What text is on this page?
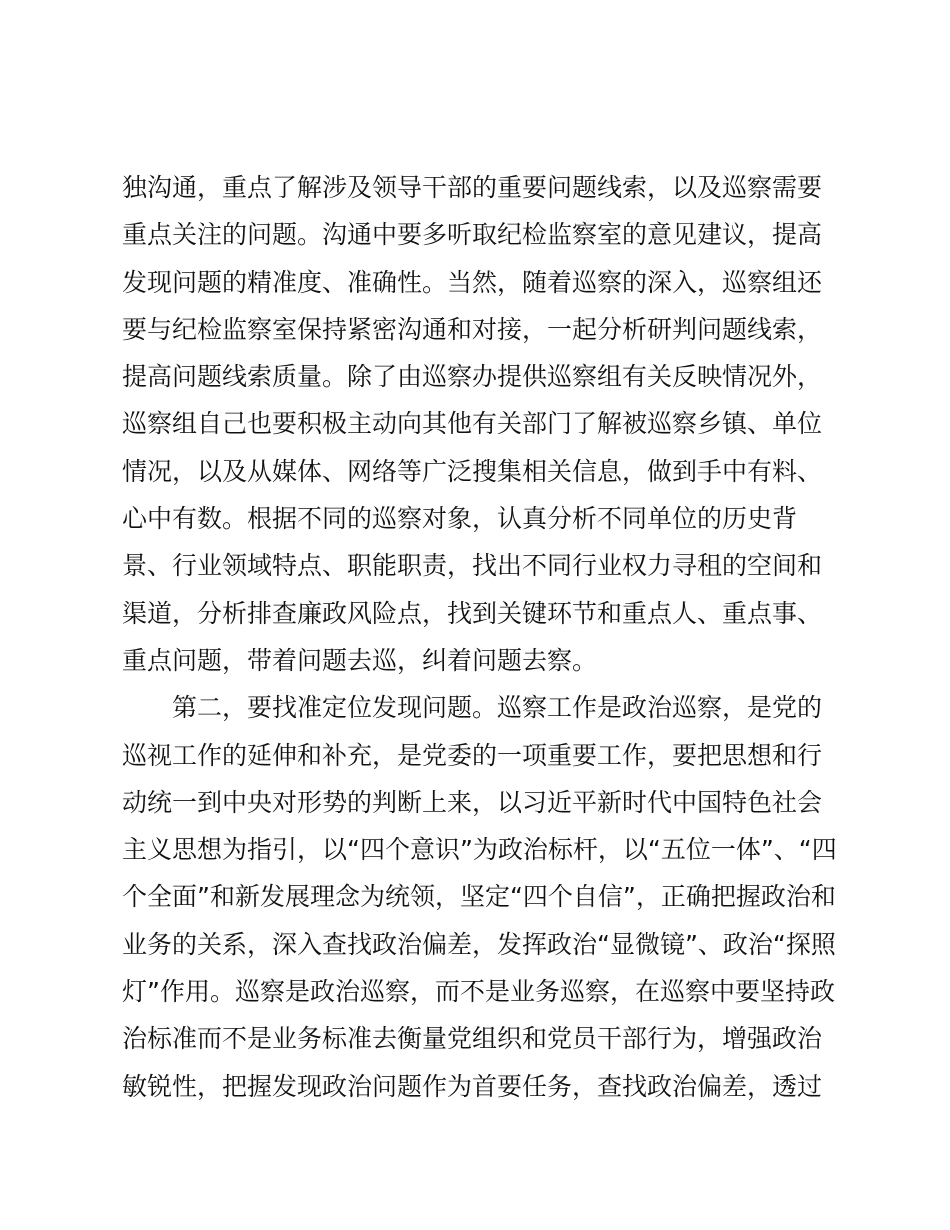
独沟通，重点了解涉及领导干部的重要问题线索，以及巡察需要
重点关注的问题。沟通中要多听取纪检监察室的意见建议，提高
发现问题的精准度、准确性。当然，随着巡察的深入，巡察组还
要与纪检监察室保持紧密沟通和对接，一起分析研判问题线索，
提高问题线索质量。除了由巡察办提供巡察组有关反映情况外，
巡察组自己也要积极主动向其他有关部门了解被巡察乡镇、单位
情况，以及从媒体、网络等广泛搜集相关信息，做到手中有料、
心中有数。根据不同的巡察对象，认真分析不同单位的历史背
景、行业领域特点、职能职责，找出不同行业权力寻租的空间和
渠道，分析排查廉政风险点，找到关键环节和重点人、重点事、
重点问题，带着问题去巡，纠着问题去察。
第二，要找准定位发现问题。巡察工作是政治巡察，是党的
巡视工作的延伸和补充，是党委的一项重要工作，要把思想和行
动统一到中央对形势的判断上来，以习近平新时代中国特色社会
主义思想为指引，以“四个意识”为政治标杆，以“五位一体”、“四
个全面”和新发展理念为统领，坚定“四个自信”，正确把握政治和
业务的关系，深入查找政治偏差，发挥政治“显微镜”、政治“探照
灯”作用。巡察是政治巡察，而不是业务巡察，在巡察中要坚持政
治标准而不是业务标准去衡量党组织和党员干部行为，增强政治
敏锐性，把握发现政治问题作为首要任务，查找政治偏差，透过
